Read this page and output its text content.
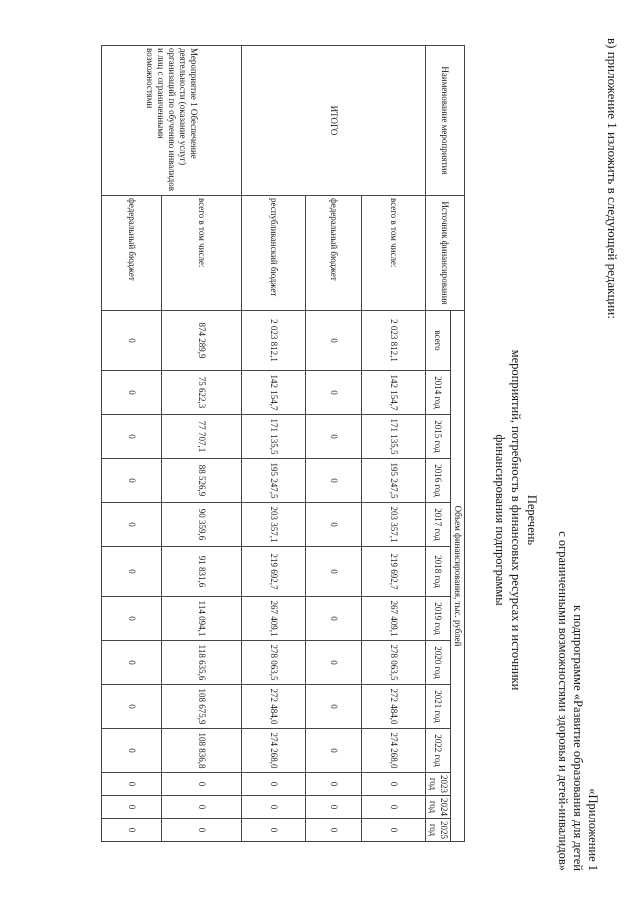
в) приложение 1 изложить в следующей редакции:
«Приложение 1
к подпрограмме «Развитие образования для детей
с ограниченными возможностями здоровья и детей-инвалидов»
Перечень
мероприятий, потребность в финансовых ресурсах и источники
финансирования подпрограммы
Наименование мероприятия	Источник финансирования	Объем финансирования, тыс. рублей												
		всего	2014 год	2015 год	2016 год	2017 год	2018 год	2019 год	2020 год	2021 год	2022 год	2023 год	2024 год	2025 год
ИТОГО	всего в том числе:	2 023 812,1	142 154,7	171 135,5	195 247,5	203 357,1	219 692,7	267 409,1	278 063,5	272 484,0	274 268,0	0	0	0
	федеральный бюджет	0	0	0	0	0	0	0	0	0	0	0	0	0
	республиканский бюджет	2 023 812,1	142 154,7	171 135,5	195 247,5	203 357,1	219 692,7	267 409,1	278 063,5	272 484,0	274 268,0	0	0	0
Мероприятие 1 Обеспечение деятельности (оказание услуг) организаций по обучению инвалидов и лиц с ограниченными возможностями	всего в том числе:	874 289,9	75 622,3	77 707,1	88 526,9	90 359,6	91 831,6	114 094,1	118 635,6	108 675,9	108 836,8	0	0	0
	федеральный бюджет	0	0	0	0	0	0	0	0	0	0	0	0	0
